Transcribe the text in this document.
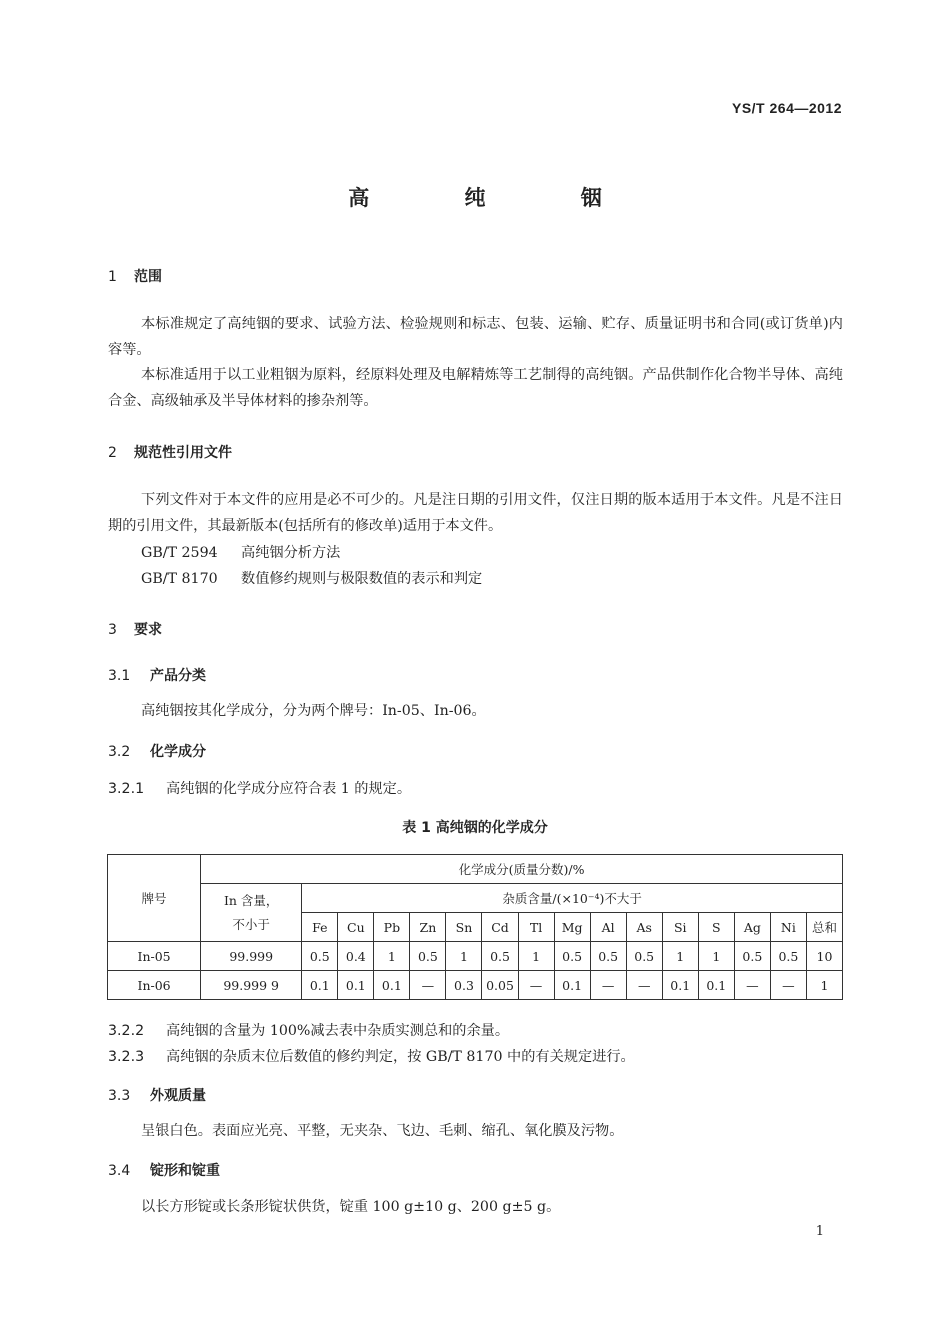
YS/T 264—2012
高 纯 铟
1 范围
本标准规定了高纯铟的要求、试验方法、检验规则和标志、包装、运输、贮存、质量证明书和合同(或订货单)内容等。
本标准适用于以工业粗铟为原料，经原料处理及电解精炼等工艺制得的高纯铟。产品供制作化合物半导体、高纯合金、高级轴承及半导体材料的掺杂剂等。
2 规范性引用文件
下列文件对于本文件的应用是必不可少的。凡是注日期的引用文件，仅注日期的版本适用于本文件。凡是不注日期的引用文件，其最新版本(包括所有的修改单)适用于本文件。
GB/T 2594 高纯铟分析方法
GB/T 8170 数值修约规则与极限数值的表示和判定
3 要求
3.1 产品分类
高纯铟按其化学成分，分为两个牌号：In-05、In-06。
3.2 化学成分
3.2.1 高纯铟的化学成分应符合表 1 的规定。
表 1 高纯铟的化学成分
牌号	化学成分(质量分数)/%															

	In 含量，
不小于	杂质含量/(×10⁻⁴)不大于														
		Fe	Cu	Pb	Zn	Sn	Cd	Tl	Mg	Al	As	Si	S	Ag	Ni	总和
In-05	99.999	0.5	0.4	1	0.5	1	0.5	1	0.5	0.5	0.5	1	1	0.5	0.5	10
In-06	99.999 9	0.1	0.1	0.1	—	0.3	0.05	—	0.1	—	—	0.1	0.1	—	—	1
3.2.2 高纯铟的含量为 100%减去表中杂质实测总和的余量。
3.2.3 高纯铟的杂质末位后数值的修约判定，按 GB/T 8170 中的有关规定进行。
3.3 外观质量
呈银白色。表面应光亮、平整，无夹杂、飞边、毛刺、缩孔、氧化膜及污物。
3.4 锭形和锭重
以长方形锭或长条形锭状供货，锭重 100 g±10 g、200 g±5 g。
1
